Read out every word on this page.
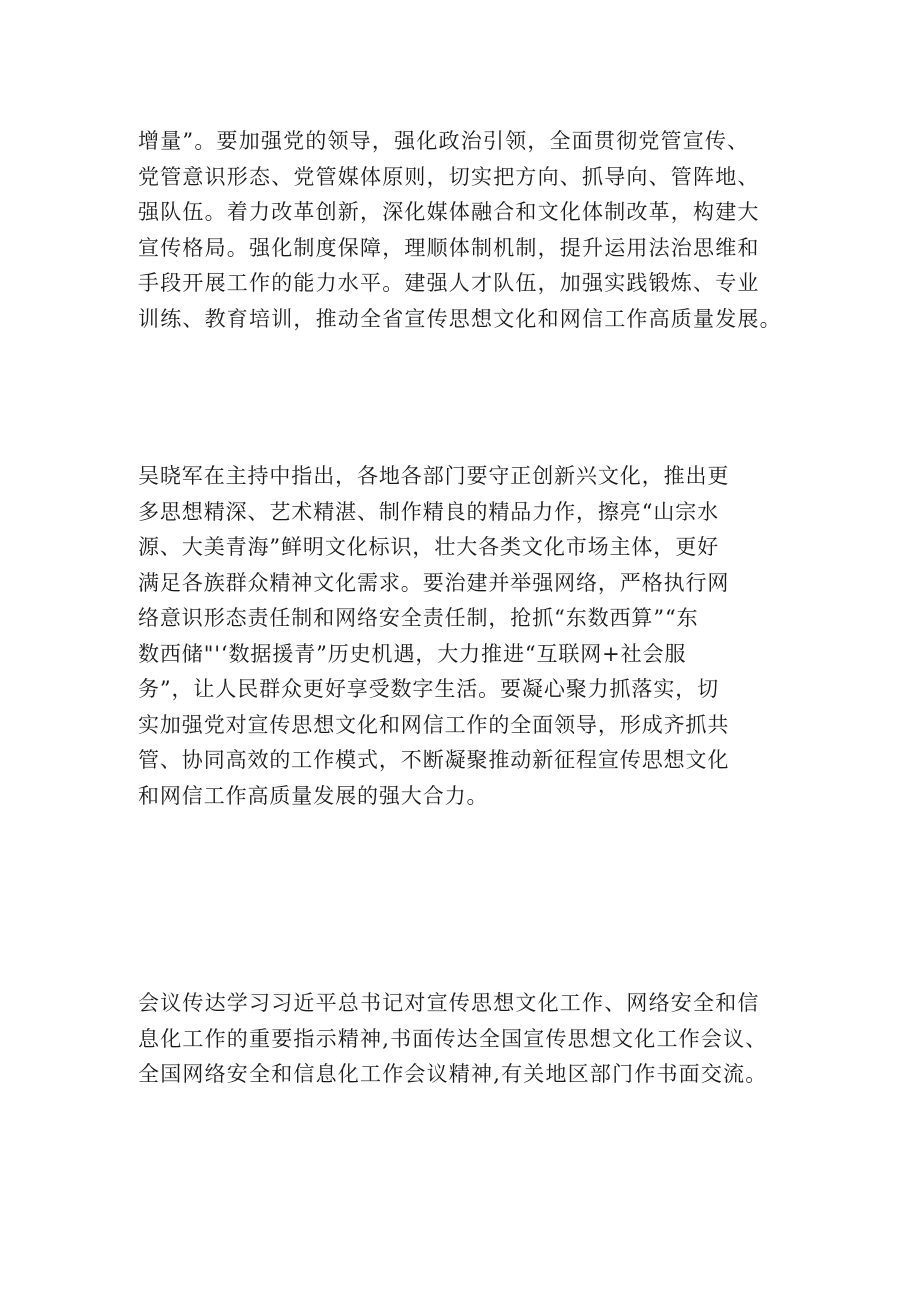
增量”。要加强党的领导，强化政治引领，全面贯彻党管宣传、
党管意识形态、党管媒体原则，切实把方向、抓导向、管阵地、
强队伍。着力改革创新，深化媒体融合和文化体制改革，构建大
宣传格局。强化制度保障，理顺体制机制，提升运用法治思维和
手段开展工作的能力水平。建强人才队伍，加强实践锻炼、专业
训练、教育培训，推动全省宣传思想文化和网信工作高质量发展。
吴晓军在主持中指出，各地各部门要守正创新兴文化，推出更
多思想精深、艺术精湛、制作精良的精品力作，擦亮“山宗水
源、大美青海”鲜明文化标识，壮大各类文化市场主体，更好
满足各族群众精神文化需求。要治建并举强网络，严格执行网
络意识形态责任制和网络安全责任制，抢抓“东数西算”“东
数西储"'‘数据援青”历史机遇，大力推进“互联网+社会服
务”，让人民群众更好享受数字生活。要凝心聚力抓落实，切
实加强党对宣传思想文化和网信工作的全面领导，形成齐抓共
管、协同高效的工作模式，不断凝聚推动新征程宣传思想文化
和网信工作高质量发展的强大合力。
会议传达学习习近平总书记对宣传思想文化工作、网络安全和信
息化工作的重要指示精神,书面传达全国宣传思想文化工作会议、
全国网络安全和信息化工作会议精神,有关地区部门作书面交流。
